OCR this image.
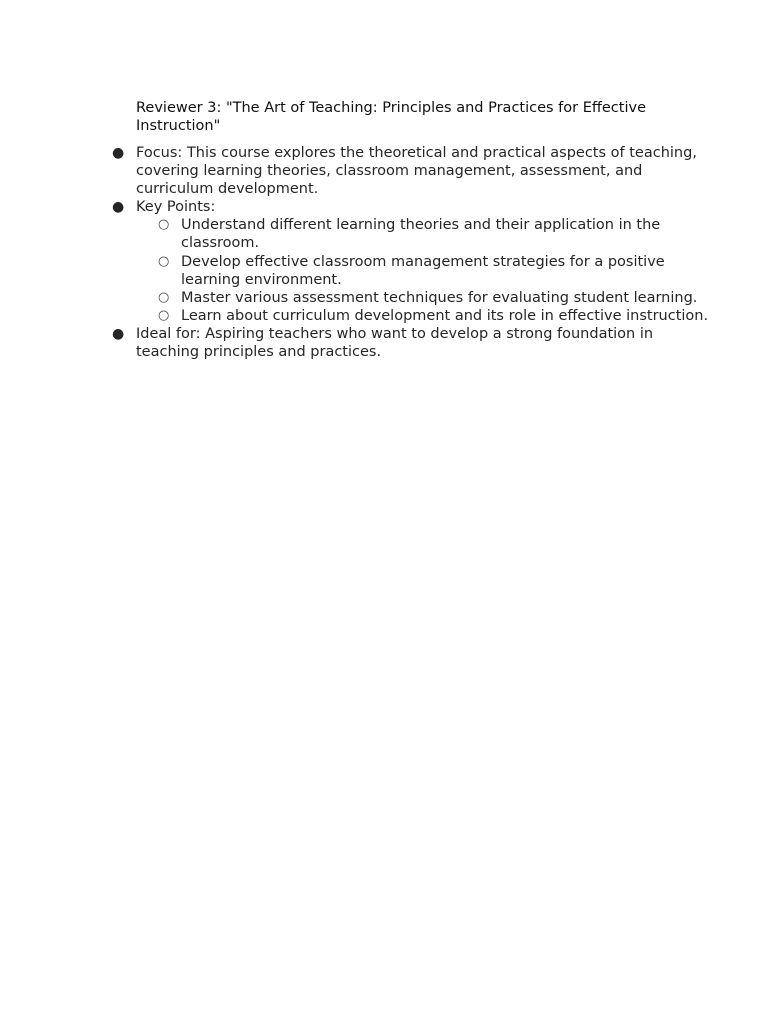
Reviewer 3: "The Art of Teaching: Principles and Practices for Effective Instruction"
● Focus: This course explores the theoretical and practical aspects of teaching, covering learning theories, classroom management, assessment, and curriculum development.
● Key Points:
○ Understand different learning theories and their application in the classroom.
○ Develop effective classroom management strategies for a positive learning environment.
○ Master various assessment techniques for evaluating student learning.
○ Learn about curriculum development and its role in effective instruction.
● Ideal for: Aspiring teachers who want to develop a strong foundation in teaching principles and practices.
